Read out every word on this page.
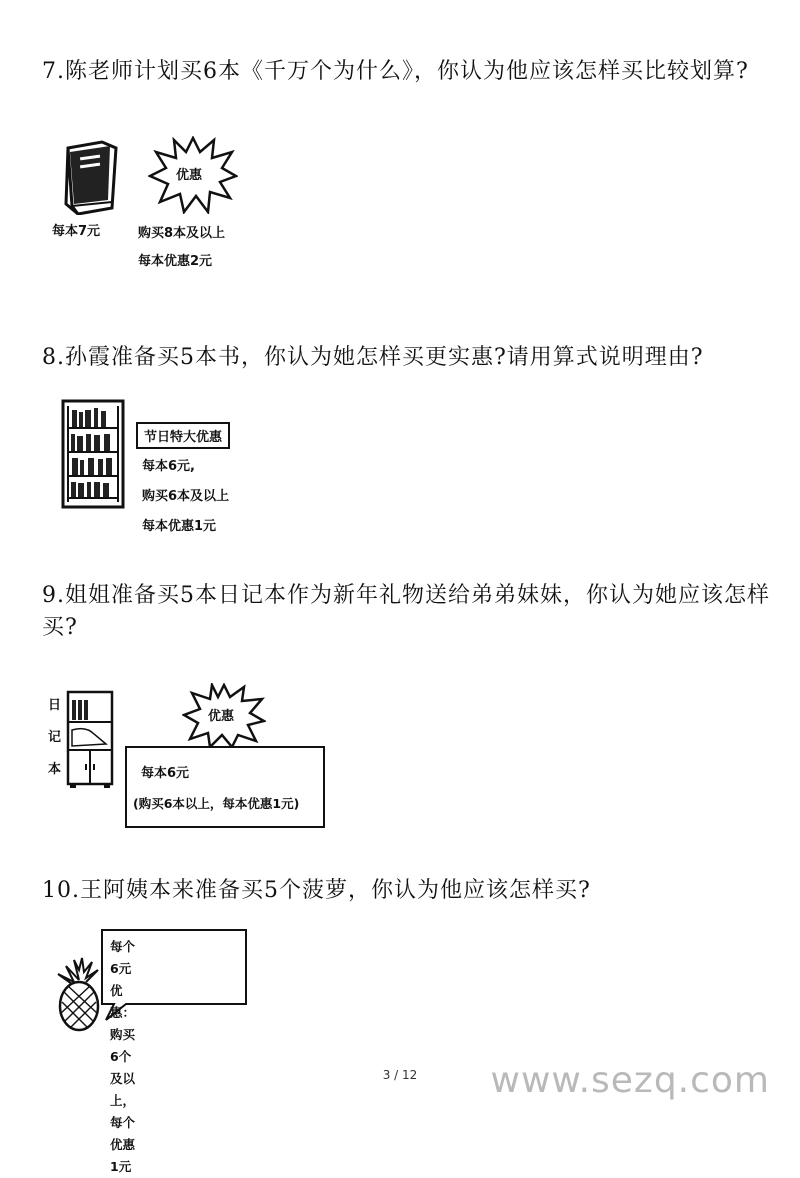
7.陈老师计划买6本《千万个为什么》，你认为他应该怎样买比较划算?
每本7元
优惠
购买8本及以上
每本优惠2元
8.孙霞准备买5本书，你认为她怎样买更实惠?请用算式说明理由?
节日特大优惠
每本6元,
购买6本及以上
每本优惠1元
9.姐姐准备买5本日记本作为新年礼物送给弟弟妹妹，你认为她应该怎样买?
日
记
本
优惠
每本6元
(购买6本以上，每本优惠1元)
10.王阿姨本来准备买5个菠萝，你认为他应该怎样买?
每个6元
优惠：购买6个及以
上，每个优惠1元
3 / 12	www.sezq.com
